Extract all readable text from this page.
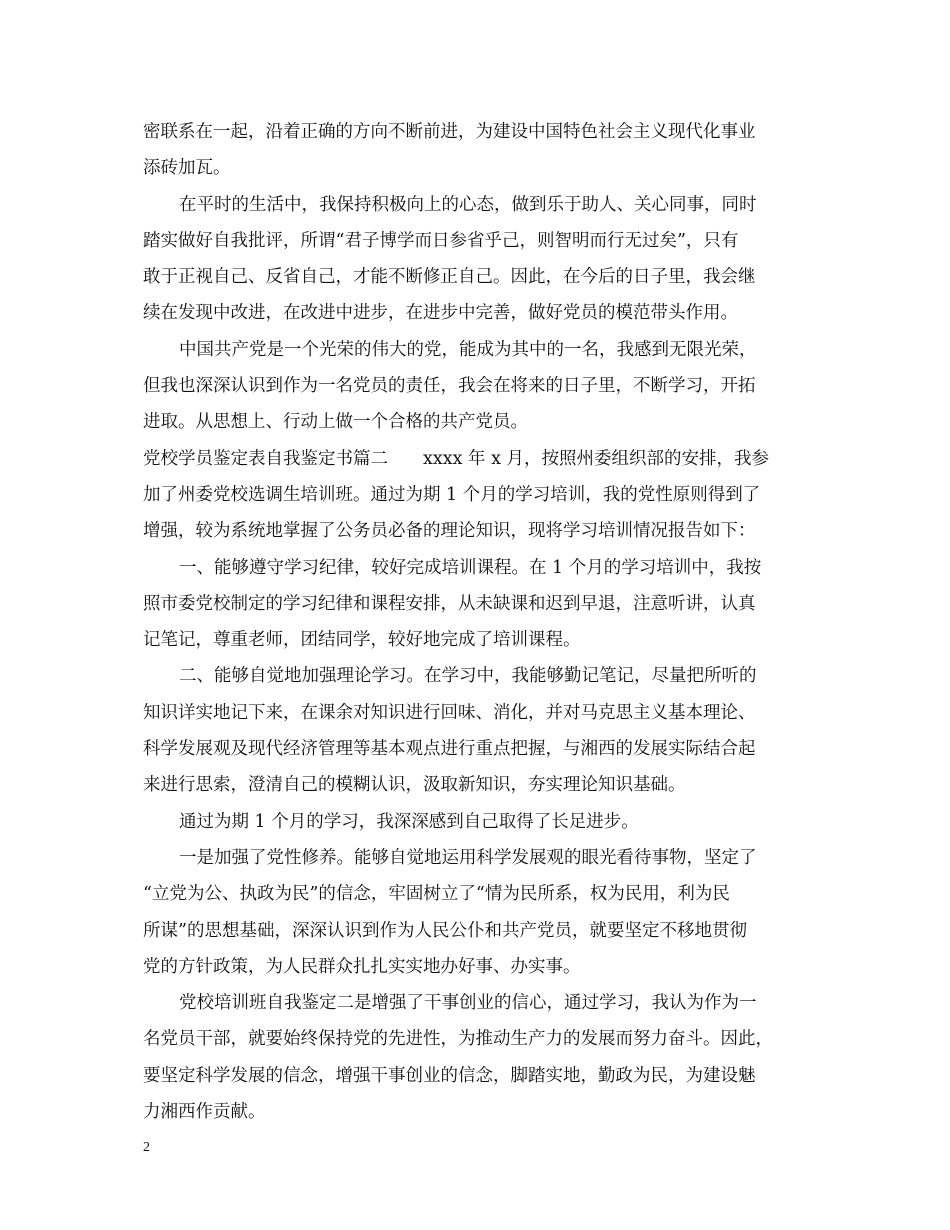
密联系在一起，沿着正确的方向不断前进，为建设中国特色社会主义现代化事业
添砖加瓦。
在平时的生活中，我保持积极向上的心态，做到乐于助人、关心同事，同时
踏实做好自我批评，所谓“君子博学而日参省乎己，则智明而行无过矣”，只有
敢于正视自己、反省自己，才能不断修正自己。因此，在今后的日子里，我会继
续在发现中改进，在改进中进步，在进步中完善，做好党员的模范带头作用。
中国共产党是一个光荣的伟大的党，能成为其中的一名，我感到无限光荣，
但我也深深认识到作为一名党员的责任，我会在将来的日子里，不断学习，开拓
进取。从思想上、行动上做一个合格的共产党员。
党校学员鉴定表自我鉴定书篇二　　xxxx 年 x 月，按照州委组织部的安排，我参
加了州委党校选调生培训班。通过为期 1 个月的学习培训，我的党性原则得到了
增强，较为系统地掌握了公务员必备的理论知识，现将学习培训情况报告如下：
一、能够遵守学习纪律，较好完成培训课程。在 1 个月的学习培训中，我按
照市委党校制定的学习纪律和课程安排，从未缺课和迟到早退，注意听讲，认真
记笔记，尊重老师，团结同学，较好地完成了培训课程。
二、能够自觉地加强理论学习。在学习中，我能够勤记笔记，尽量把所听的
知识详实地记下来，在课余对知识进行回味、消化，并对马克思主义基本理论、
科学发展观及现代经济管理等基本观点进行重点把握，与湘西的发展实际结合起
来进行思索，澄清自己的模糊认识，汲取新知识，夯实理论知识基础。
通过为期 1 个月的学习，我深深感到自己取得了长足进步。
一是加强了党性修养。能够自觉地运用科学发展观的眼光看待事物，坚定了
“立党为公、执政为民”的信念，牢固树立了“情为民所系，权为民用，利为民
所谋”的思想基础，深深认识到作为人民公仆和共产党员，就要坚定不移地贯彻
党的方针政策，为人民群众扎扎实实地办好事、办实事。
党校培训班自我鉴定二是增强了干事创业的信心，通过学习，我认为作为一
名党员干部，就要始终保持党的先进性，为推动生产力的发展而努力奋斗。因此，
要坚定科学发展的信念，增强干事创业的信念，脚踏实地，勤政为民，为建设魅
力湘西作贡献。
2
